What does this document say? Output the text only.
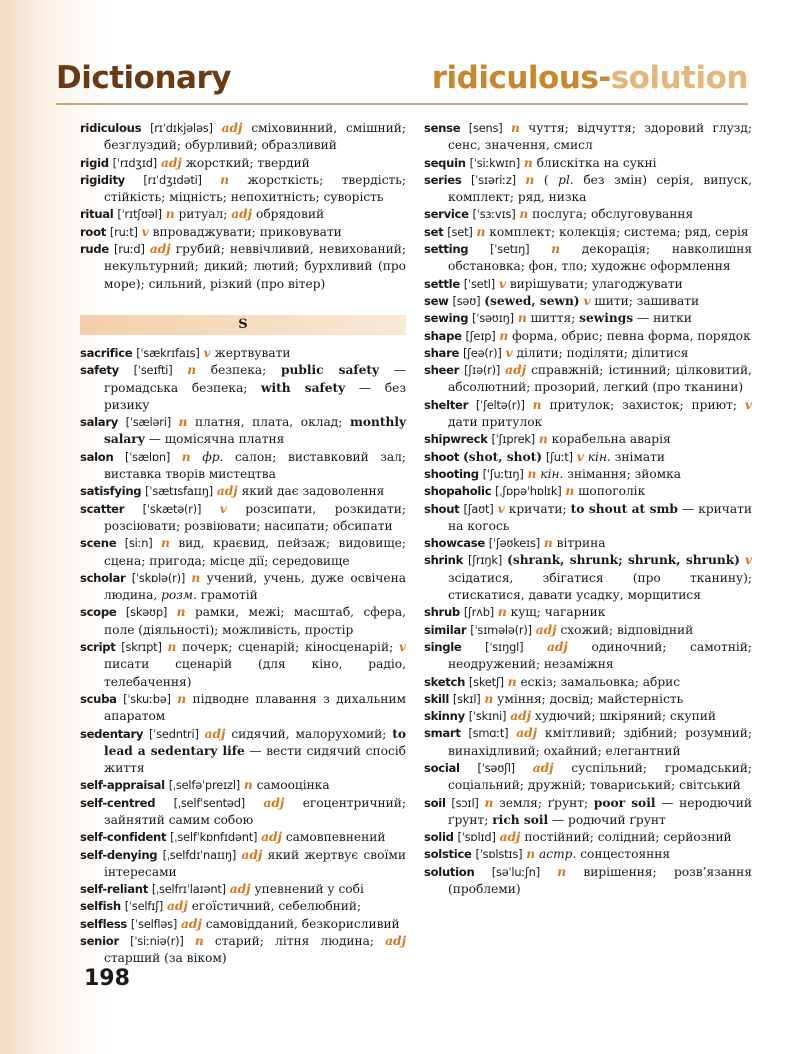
Dictionary	ridiculous-solution

ridiculous [rɪˈdɪkjələs] adj сміховинний, смішний; безглуздий; обурливий; образливий

rigid [ˈrɪdʒɪd] adj жорсткий; твердий

rigidity [rɪˈdʒɪdəti] n жорсткість; твердість; стійкість; міцність; непохитність; суворість

ritual [ˈrɪtʃʊəl] n ритуал; adj обрядовий

root [ruːt] v впроваджувати; приковувати

rude [ruːd] adj грубий; неввічливий, невихований; некультурний; дикий; лютий; бурхливий (про море); сильний, різкий (про вітер)

S

sacrifice [ˈsækrɪfaɪs] v жертвувати

safety [ˈseɪfti] n безпека; public safety — громадська безпека; with safety — без ризику

salary [ˈsæləri] n платня, плата, оклад; monthly salary — щомісячна платня

salon [ˈsælɒn] n фр. салон; виставковий зал; виставка творів мистецтва

satisfying [ˈsætɪsfaɪɪŋ] adj який дає задоволення

scatter [ˈskætə(r)] v розсипати, розкидати; розсіювати; розвіювати; насипати; обсипати

scene [siːn] n вид, краєвид, пейзаж; видовище; сцена; пригода; місце дії; середовище

scholar [ˈskɒlə(r)] n учений, учень, дуже освічена людина, розм. грамотій

scope [skəʊp] n рамки, межі; масштаб, сфера, поле (діяльності); можливість, простір

script [skrɪpt] n почерк; сценарій; кіносценарій; v писати сценарій (для кіно, радіо, телебачення)

scuba [ˈskuːbə] n підводне плавання з дихальним апаратом

sedentary [ˈsedntri] adj сидячий, малорухомий; to lead a sedentary life — вести сидячий спосіб життя

self-appraisal [ˌselfəˈpreɪzl] n самооцінка

self-centred [ˌselfˈsentəd] adj егоцентричний; зайнятий самим собою

self-confident [ˌselfˈkɒnfɪdənt] adj самовпевнений

self-denying [ˌselfdɪˈnaɪɪŋ] adj який жертвує своїми інтересами

self-reliant [ˌselfrɪˈlaɪənt] adj упевнений у собі

selfish [ˈselfɪʃ] adj егоїстичний, себелюбний;

selfless [ˈselfləs] adj самовідданий, безкорисливий

senior [ˈsiːniə(r)] n старий; літня людина; adj старший (за віком)

sense [sens] n чуття; відчуття; здоровий глузд; сенс, значення, смисл

sequin [ˈsiːkwɪn] n блискітка на сукні

series [ˈsɪəriːz] n ( pl. без змін) серія, випуск, комплект; ряд, низка

service [ˈsɜːvɪs] n послуга; обслуговування

set [set] n комплект; колекція; система; ряд, серія

setting [ˈsetɪŋ] n декорація; навколишня обстановка; фон, тло; художнє оформлення

settle [ˈsetl] v вирішувати; улагоджувати

sew [səʊ] (sewed, sewn) v шити; зашивати

sewing [ˈsəʊɪŋ] n шиття; sewings — нитки

shape [ʃeɪp] n форма, обрис; певна форма, порядок

share [ʃeə(r)] v ділити; поділяти; ділитися

sheer [ʃɪə(r)] adj справжній; істинний; цілковитий, абсолютний; прозорий, легкий (про тканини)

shelter [ˈʃeltə(r)] n притулок; захисток; приют; v дати притулок

shipwreck [ˈʃɪprek] n корабельна аварія

shoot (shot, shot) [ʃuːt] v кін. знімати

shooting [ˈʃuːtɪŋ] n кін. знімання; зйомка

shopaholic [ˌʃɒpəˈhɒlɪk] n шопоголік

shout [ʃaʊt] v кричати; to shout at smb — кричати на когось

showcase [ˈʃəʊkeɪs] n вітрина

shrink [ʃrɪŋk] (shrank, shrunk; shrunk, shrunk) v зсідатися, збігатися (про тканину); стискатися, давати усадку, морщитися

shrub [ʃrʌb] n кущ; чагарник

similar [ˈsɪmələ(r)] adj схожий; відповідний

single [ˈsɪŋgl] adj одиночний; самотній; неодружений; незаміжня

sketch [sketʃ] n ескіз; замальовка; абрис

skill [skɪl] n уміння; досвід; майстерність

skinny [ˈskɪni] adj худючий; шкіряний; скупий

smart [smɑːt] adj кмітливий; здібний; розумний; винахідливий; охайний; елегантний

social [ˈsəʊʃl] adj суспільний; громадський; соціальний; дружній; товариський; світський

soil [sɔɪl] n земля; ґрунт; poor soil — неродючий ґрунт; rich soil — родючий ґрунт

solid [ˈsɒlɪd] adj постійний; солідний; серйозний

solstice [ˈsɒlstɪs] n астр. сонцестояння

solution [səˈluːʃn] n вирішення; розв’язання (проблеми)

198
